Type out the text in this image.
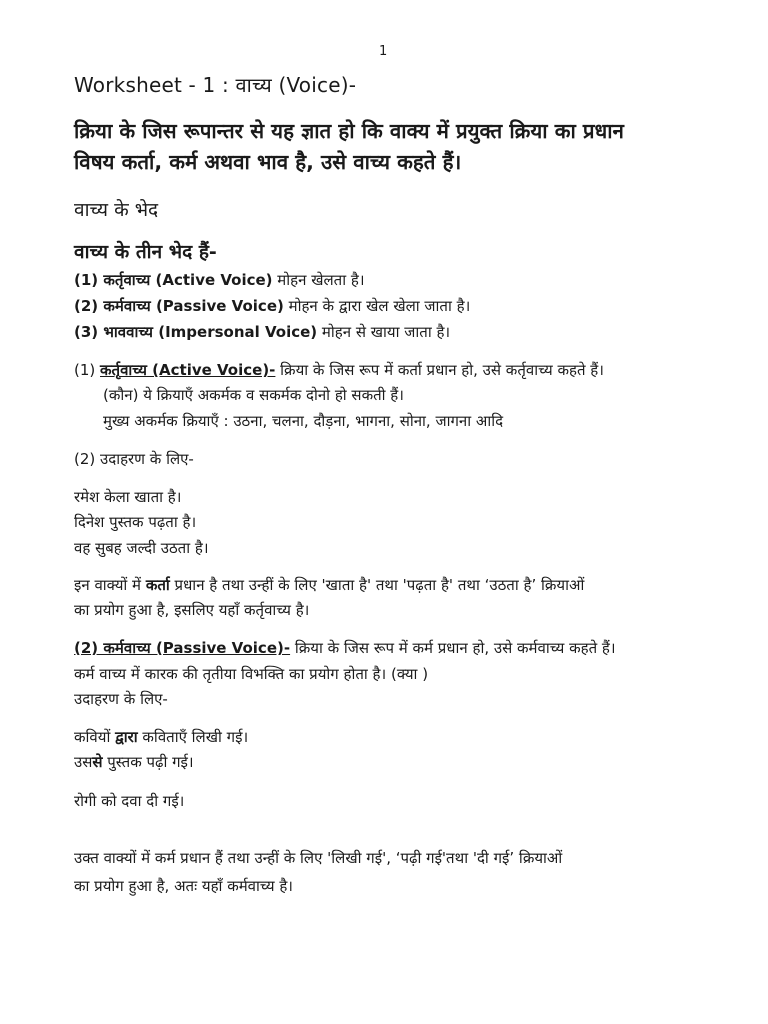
1
Worksheet - 1 : वाच्य (Voice)-
क्रिया के जिस रूपान्तर से यह ज्ञात हो कि वाक्य में प्रयुक्त क्रिया का प्रधान
विषय कर्ता, कर्म अथवा भाव है, उसे वाच्य कहते हैं।
वाच्य के भेद
वाच्य के तीन भेद हैं-
(1) कर्तृवाच्य (Active Voice) मोहन खेलता है।
(2) कर्मवाच्य (Passive Voice) मोहन के द्वारा खेल खेला जाता है।
(3) भाववाच्य (Impersonal Voice) मोहन से खाया जाता है।
(1) कर्तृवाच्य (Active Voice)- क्रिया के जिस रूप में कर्ता प्रधान हो, उसे कर्तृवाच्य कहते हैं।
(कौन) ये क्रियाएँ अकर्मक व सकर्मक दोनो हो सकती हैं।
मुख्य अकर्मक क्रियाएँ : उठना, चलना, दौड़ना, भागना, सोना, जागना आदि
(2) उदाहरण के लिए-
रमेश केला खाता है।
दिनेश पुस्तक पढ़ता है।
वह सुबह जल्दी उठता है।
इन वाक्यों में कर्ता प्रधान है तथा उन्हीं के लिए 'खाता है' तथा 'पढ़ता है' तथा ‘उठता है’ क्रियाओं
का प्रयोग हुआ है, इसलिए यहाँ कर्तृवाच्य है।
(2) कर्मवाच्य (Passive Voice)- क्रिया के जिस रूप में कर्म प्रधान हो, उसे कर्मवाच्य कहते हैं।
कर्म वाच्य में कारक की तृतीया विभक्ति का प्रयोग होता है। (क्या )
उदाहरण के लिए-
कवियों द्वारा कविताएँ लिखी गई।
उससे पुस्तक पढ़ी गई।
रोगी को दवा दी गई।
उक्त वाक्यों में कर्म प्रधान हैं तथा उन्हीं के लिए 'लिखी गई', ‘पढ़ी गई'तथा 'दी गई’ क्रियाओं
का प्रयोग हुआ है, अतः यहाँ कर्मवाच्य है।
